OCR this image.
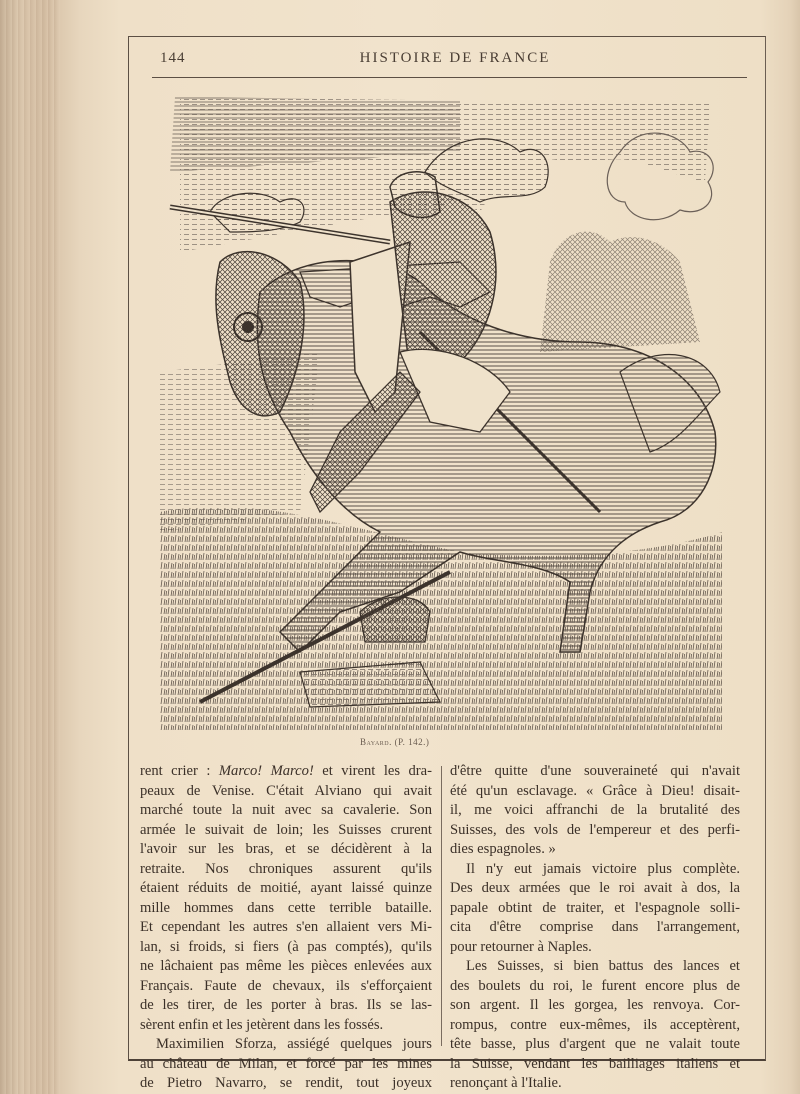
144	HISTOIRE DE FRANCE
Bayard. (P. 142.)
rent crier : Marco! Marco! et virent les dra-
peaux de Venise. C'était Alviano qui avait
marché toute la nuit avec sa cavalerie. Son
armée le suivait de loin; les Suisses crurent
l'avoir sur les bras, et se décidèrent à la
retraite. Nos chroniques assurent qu'ils
étaient réduits de moitié, ayant laissé quinze
mille hommes dans cette terrible bataille.
Et cependant les autres s'en allaient vers Mi-
lan, si froids, si fiers (à pas comptés), qu'ils
ne lâchaient pas même les pièces enlevées aux
Français. Faute de chevaux, ils s'efforçaient
de les tirer, de les porter à bras. Ils se las-
sèrent enfin et les jetèrent dans les fossés.
Maximilien Sforza, assiégé quelques jours
au château de Milan, et forcé par les mines
de Pietro Navarro, se rendit, tout joyeux
d'être quitte d'une souveraineté qui n'avait
été qu'un esclavage. « Grâce à Dieu! disait-
il, me voici affranchi de la brutalité des
Suisses, des vols de l'empereur et des perfi-
dies espagnoles. »
Il n'y eut jamais victoire plus complète.
Des deux armées que le roi avait à dos, la
papale obtint de traiter, et l'espagnole solli-
cita d'être comprise dans l'arrangement,
pour retourner à Naples.
Les Suisses, si bien battus des lances et
des boulets du roi, le furent encore plus de
son argent. Il les gorgea, les renvoya. Cor-
rompus, contre eux-mêmes, ils acceptèrent,
tête basse, plus d'argent que ne valait toute
la Suisse, vendant les bailliages italiens et
renonçant à l'Italie.
